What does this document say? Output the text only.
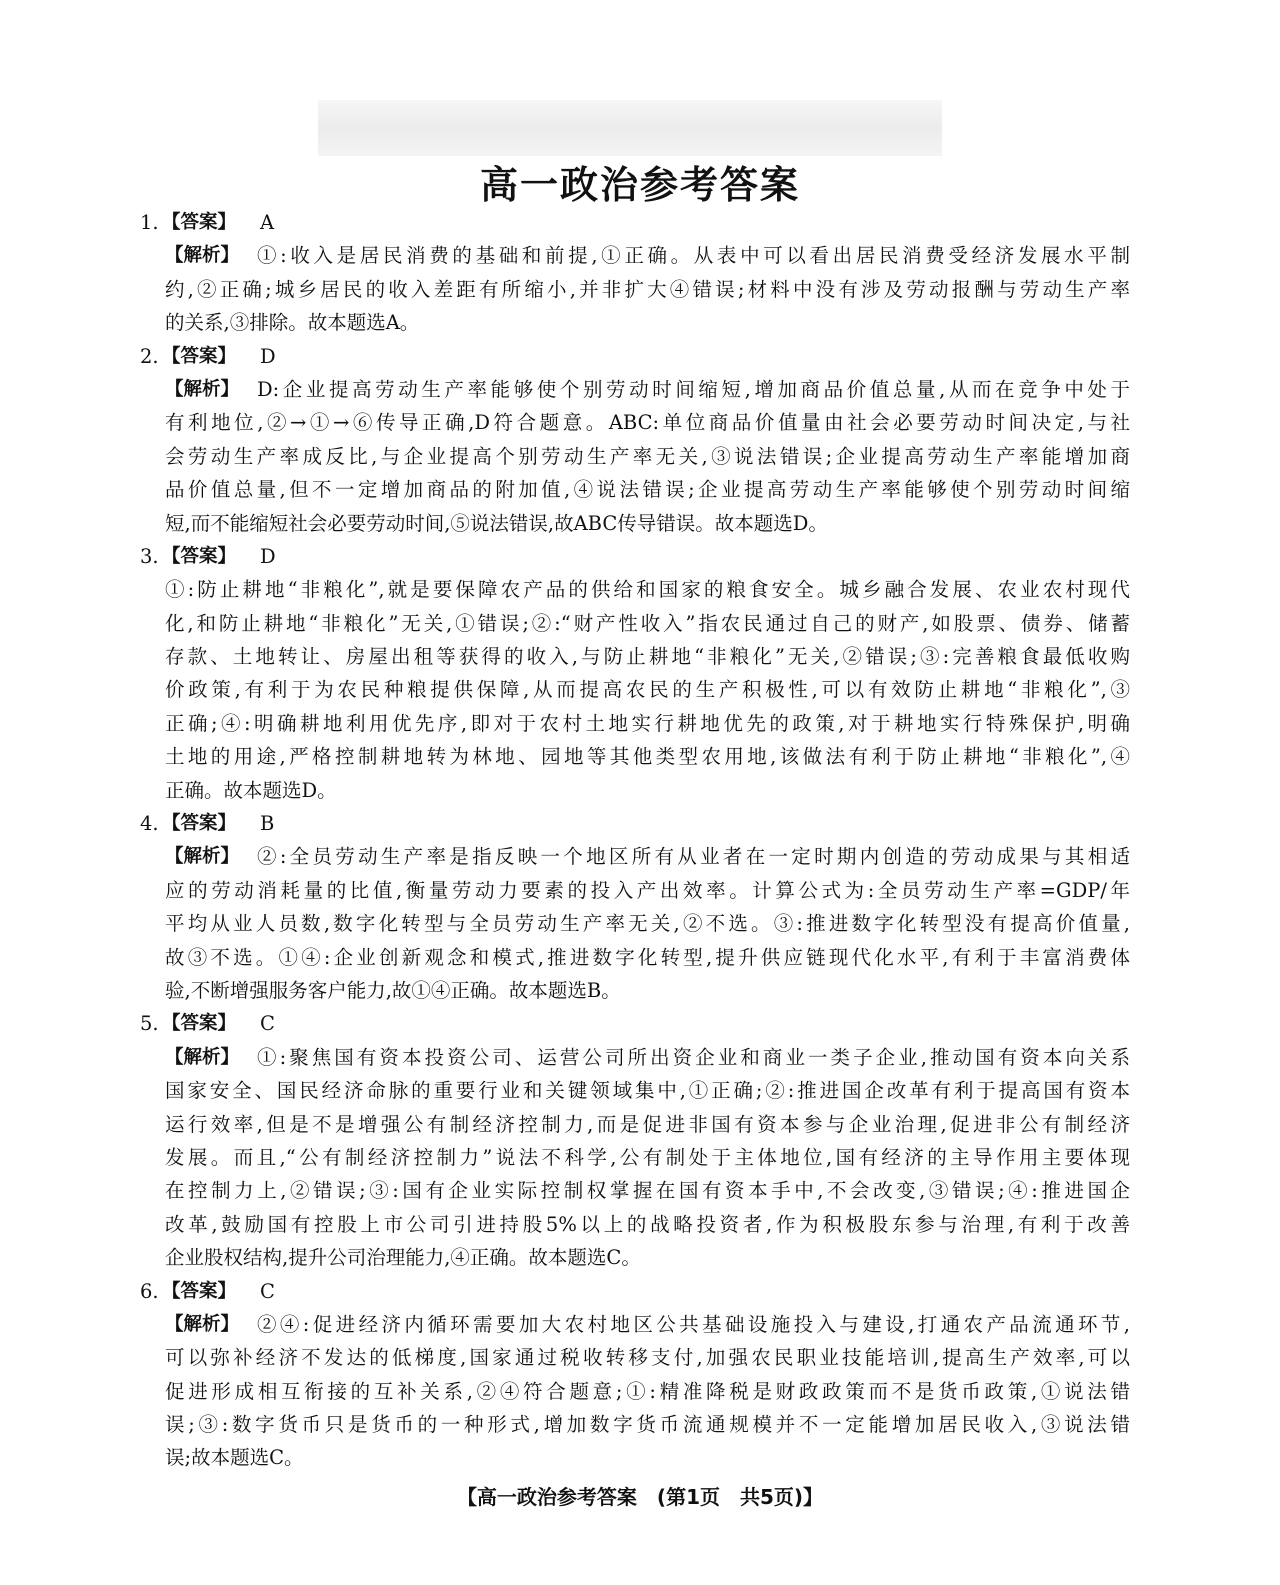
高一政治参考答案
1. 【答案】 A
【解析】 ①:收入是居民消费的基础和前提,①正确。从表中可以看出居民消费受经济发展水平制
约,②正确;城乡居民的收入差距有所缩小,并非扩大④错误;材料中没有涉及劳动报酬与劳动生产率
的关系,③排除。故本题选A。
2. 【答案】 D
【解析】 D:企业提高劳动生产率能够使个别劳动时间缩短,增加商品价值总量,从而在竞争中处于
有利地位,②→①→⑥传导正确,D符合题意。ABC:单位商品价值量由社会必要劳动时间决定,与社
会劳动生产率成反比,与企业提高个别劳动生产率无关,③说法错误;企业提高劳动生产率能增加商
品价值总量,但不一定增加商品的附加值,④说法错误;企业提高劳动生产率能够使个别劳动时间缩
短,而不能缩短社会必要劳动时间,⑤说法错误,故ABC传导错误。故本题选D。
3. 【答案】 D
①:防止耕地“非粮化”,就是要保障农产品的供给和国家的粮食安全。城乡融合发展、农业农村现代
化,和防止耕地“非粮化”无关,①错误;②:“财产性收入”指农民通过自己的财产,如股票、债券、储蓄
存款、土地转让、房屋出租等获得的收入,与防止耕地“非粮化”无关,②错误;③:完善粮食最低收购
价政策,有利于为农民种粮提供保障,从而提高农民的生产积极性,可以有效防止耕地“非粮化”,③
正确;④:明确耕地利用优先序,即对于农村土地实行耕地优先的政策,对于耕地实行特殊保护,明确
土地的用途,严格控制耕地转为林地、园地等其他类型农用地,该做法有利于防止耕地“非粮化”,④
正确。故本题选D。
4. 【答案】 B
【解析】 ②:全员劳动生产率是指反映一个地区所有从业者在一定时期内创造的劳动成果与其相适
应的劳动消耗量的比值,衡量劳动力要素的投入产出效率。计算公式为:全员劳动生产率=GDP/年
平均从业人员数,数字化转型与全员劳动生产率无关,②不选。③:推进数字化转型没有提高价值量,
故③不选。①④:企业创新观念和模式,推进数字化转型,提升供应链现代化水平,有利于丰富消费体
验,不断增强服务客户能力,故①④正确。故本题选B。
5. 【答案】 C
【解析】 ①:聚焦国有资本投资公司、运营公司所出资企业和商业一类子企业,推动国有资本向关系
国家安全、国民经济命脉的重要行业和关键领域集中,①正确;②:推进国企改革有利于提高国有资本
运行效率,但是不是增强公有制经济控制力,而是促进非国有资本参与企业治理,促进非公有制经济
发展。而且,“公有制经济控制力”说法不科学,公有制处于主体地位,国有经济的主导作用主要体现
在控制力上,②错误;③:国有企业实际控制权掌握在国有资本手中,不会改变,③错误;④:推进国企
改革,鼓励国有控股上市公司引进持股5%以上的战略投资者,作为积极股东参与治理,有利于改善
企业股权结构,提升公司治理能力,④正确。故本题选C。
6. 【答案】 C
【解析】 ②④:促进经济内循环需要加大农村地区公共基础设施投入与建设,打通农产品流通环节,
可以弥补经济不发达的低梯度,国家通过税收转移支付,加强农民职业技能培训,提高生产效率,可以
促进形成相互衔接的互补关系,②④符合题意;①:精准降税是财政政策而不是货币政策,①说法错
误;③:数字货币只是货币的一种形式,增加数字货币流通规模并不一定能增加居民收入,③说法错
误;故本题选C。
【高一政治参考答案　(第1页　共5页)】
